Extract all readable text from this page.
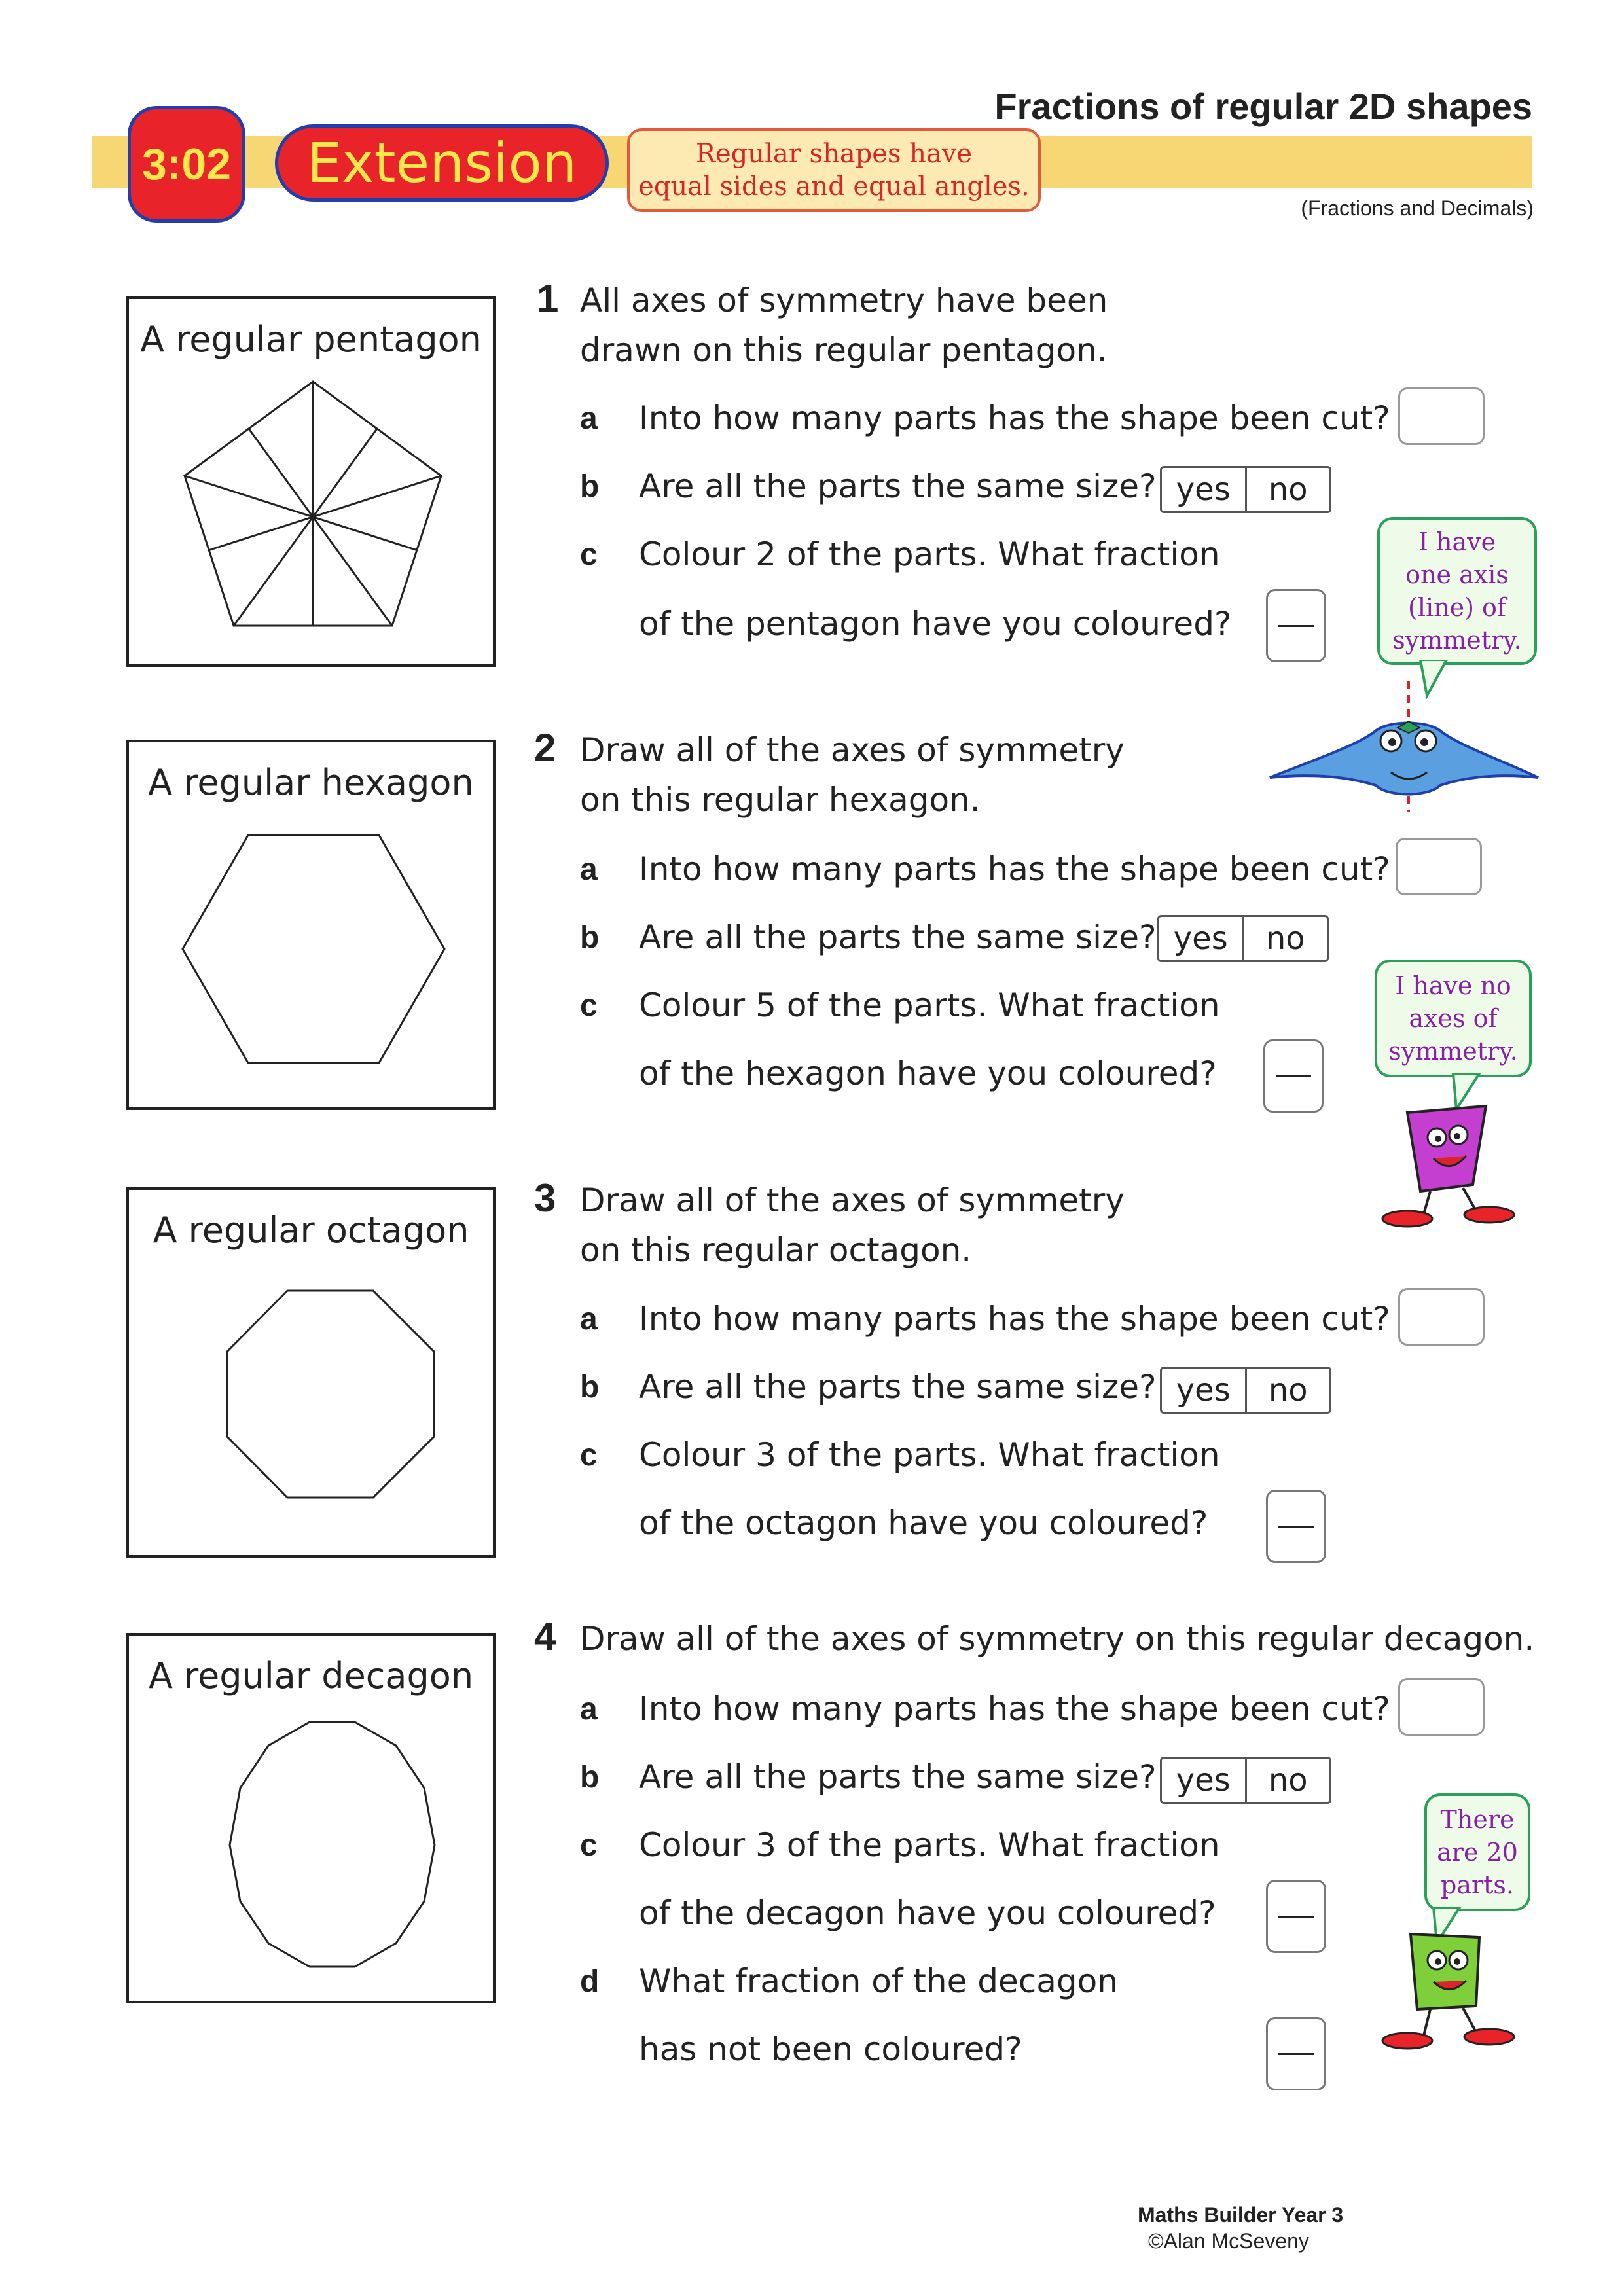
Fractions of regular 2D shapes
3:02	Extension	Regular shapes have
equal sides and equal angles.
(Fractions and Decimals)
A regular pentagon
A regular hexagon
A regular octagon
A regular decagon
1 All axes of symmetry have been
drawn on this regular pentagon.
a Into how many parts has the shape been cut?
b Are all the parts the same size? yes	no
c Colour 2 of the parts. What fraction
of the pentagon have you coloured?
2 Draw all of the axes of symmetry
on this regular hexagon.
a Into how many parts has the shape been cut?
b Are all the parts the same size? yes	no
c Colour 5 of the parts. What fraction
of the hexagon have you coloured?
3 Draw all of the axes of symmetry
on this regular octagon.
a Into how many parts has the shape been cut?
b Are all the parts the same size? yes	no
c Colour 3 of the parts. What fraction
of the octagon have you coloured?
4 Draw all of the axes of symmetry on this regular decagon.
a Into how many parts has the shape been cut?
b Are all the parts the same size? yes	no
c Colour 3 of the parts. What fraction
of the decagon have you coloured?
d What fraction of the decagon
has not been coloured?
I have
one axis
(line) of
symmetry.
I have no
axes of
symmetry.
There
are 20
parts.
Maths Builder Year 3
©Alan McSeveny
